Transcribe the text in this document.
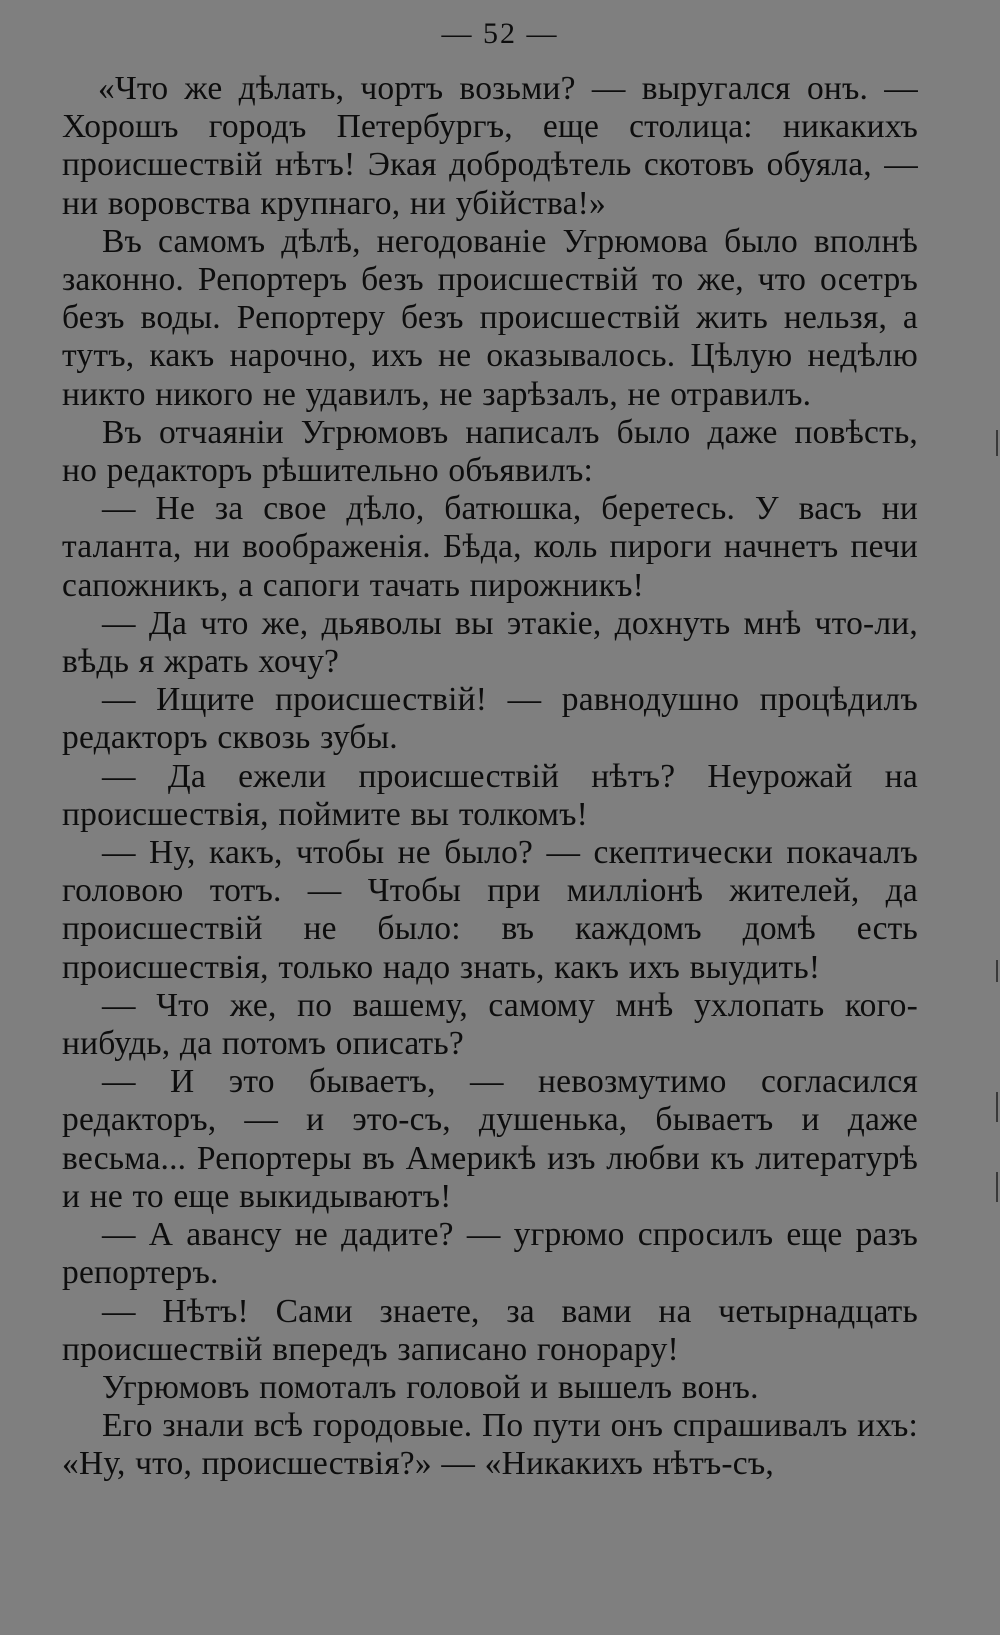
— 52 —

«Что же дѣлать, чортъ возьми? — выругался онъ. — Хорошъ городъ Петербургъ, еще столица: никакихъ происшествій нѣтъ! Экая добродѣтель скотовъ обуяла, — ни воровства крупнаго, ни убійства!»

Въ самомъ дѣлѣ, негодованіе Угрюмова было вполнѣ законно. Репортеръ безъ происшествій то же, что осетръ безъ воды. Репортеру безъ происшествій жить нельзя, а тутъ, какъ нарочно, ихъ не оказывалось. Цѣлую недѣлю никто никого не удавилъ, не зарѣзалъ, не отравилъ.

Въ отчаяніи Угрюмовъ написалъ было даже повѣсть, но редакторъ рѣшительно объявилъ:

— Не за свое дѣло, батюшка, беретесь. У васъ ни таланта, ни воображенія. Бѣда, коль пироги начнетъ печи сапожникъ, а сапоги тачать пирожникъ!

— Да что же, дьяволы вы этакіе, дохнуть мнѣ что-ли, вѣдь я жрать хочу?

— Ищите происшествій! — равнодушно процѣдилъ редакторъ сквозь зубы.

— Да ежели происшествій нѣтъ? Неурожай на происшествія, поймите вы толкомъ!

— Ну, какъ, чтобы не было? — скептически покачалъ головою тотъ. — Чтобы при милліонѣ жителей, да происшествій не было: въ каждомъ домѣ есть происшествія, только надо знать, какъ ихъ выудить!

— Что же, по вашему, самому мнѣ ухлопать кого-нибудь, да потомъ описать?

— И это бываетъ, — невозмутимо согласился редакторъ, — и это-съ, душенька, бываетъ и даже весьма... Репортеры въ Америкѣ изъ любви къ литературѣ и не то еще выкидываютъ!

— А авансу не дадите? — угрюмо спросилъ еще разъ репортеръ.

— Нѣтъ! Сами знаете, за вами на четырнадцать происшествій впередъ записано гонорару!

Угрюмовъ помоталъ головой и вышелъ вонъ.

Его знали всѣ городовые. По пути онъ спрашивалъ ихъ: «Ну, что, происшествія?» — «Никакихъ нѣтъ-съ,
